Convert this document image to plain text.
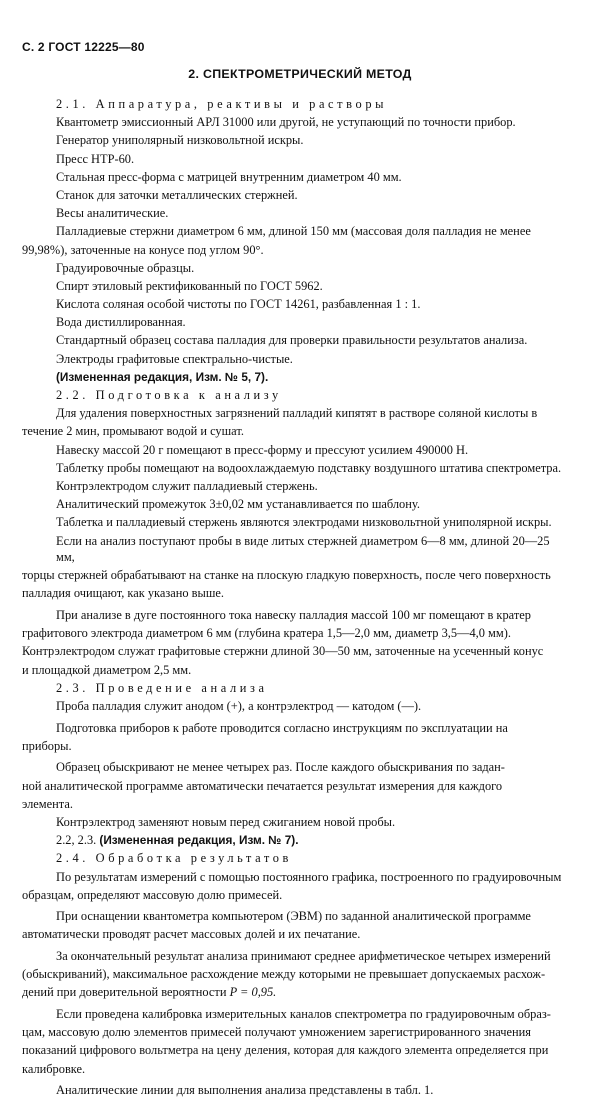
С. 2 ГОСТ 12225—80
2. СПЕКТРОМЕТРИЧЕСКИЙ МЕТОД
2.1. Аппаратура, реактивы и растворы
Квантометр эмиссионный АРЛ 31000 или другой, не уступающий по точности прибор.
Генератор униполярный низковольтной искры.
Пресс НТР-60.
Стальная пресс-форма с матрицей внутренним диаметром 40 мм.
Станок для заточки металлических стержней.
Весы аналитические.
Палладиевые стержни диаметром 6 мм, длиной 150 мм (массовая доля палладия не менее
99,98%), заточенные на конусе под углом 90°.
Градуировочные образцы.
Спирт этиловый ректификованный по ГОСТ 5962.
Кислота соляная особой чистоты по ГОСТ 14261, разбавленная 1 : 1.
Вода дистиллированная.
Стандартный образец состава палладия для проверки правильности результатов анализа.
Электроды графитовые спектрально-чистые.
(Измененная редакция, Изм. № 5, 7).
2.2. Подготовка к анализу
Для удаления поверхностных загрязнений палладий кипятят в растворе соляной кислоты в
течение 2 мин, промывают водой и сушат.
Навеску массой 20 г помещают в пресс-форму и прессуют усилием 490000 Н.
Таблетку пробы помещают на водоохлаждаемую подставку воздушного штатива спектрометра.
Контрэлектродом служит палладиевый стержень.
Аналитический промежуток 3±0,02 мм устанавливается по шаблону.
Таблетка и палладиевый стержень являются электродами низковольтной униполярной искры.
Если на анализ поступают пробы в виде литых стержней диаметром 6—8 мм, длиной 20—25 мм,
торцы стержней обрабатывают на станке на плоскую гладкую поверхность, после чего поверхность
палладия очищают, как указано выше.
При анализе в дуге постоянного тока навеску палладия массой 100 мг помещают в кратер
графитового электрода диаметром 6 мм (глубина кратера 1,5—2,0 мм, диаметр 3,5—4,0 мм).
Контрэлектродом служат графитовые стержни длиной 30—50 мм, заточенные на усеченный конус
и площадкой диаметром 2,5 мм.
2.3. Проведение анализа
Проба палладия служит анодом (+), а контрэлектрод — катодом (—).
Подготовка приборов к работе проводится согласно инструкциям по эксплуатации на
приборы.
Образец обыскривают не менее четырех раз. После каждого обыскривания по задан-
ной аналитической программе автоматически печатается результат измерения для каждого
элемента.
Контрэлектрод заменяют новым перед сжиганием новой пробы.
2.2, 2.3. (Измененная редакция, Изм. № 7).
2.4. Обработка результатов
По результатам измерений с помощью постоянного графика, построенного по градуировочным
образцам, определяют массовую долю примесей.
При оснащении квантометра компьютером (ЭВМ) по заданной аналитической программе
автоматически проводят расчет массовых долей и их печатание.
За окончательный результат анализа принимают среднее арифметическое четырех измерений
(обыскриваний), максимальное расхождение между которыми не превышает допускаемых расхож-
дений при доверительной вероятности P = 0,95.
Если проведена калибровка измерительных каналов спектрометра по градуировочным образ-
цам, массовую долю элементов примесей получают умножением зарегистрированного значения
показаний цифрового вольтметра на цену деления, которая для каждого элемента определяется при
калибровке.
Аналитические линии для выполнения анализа представлены в табл. 1.
